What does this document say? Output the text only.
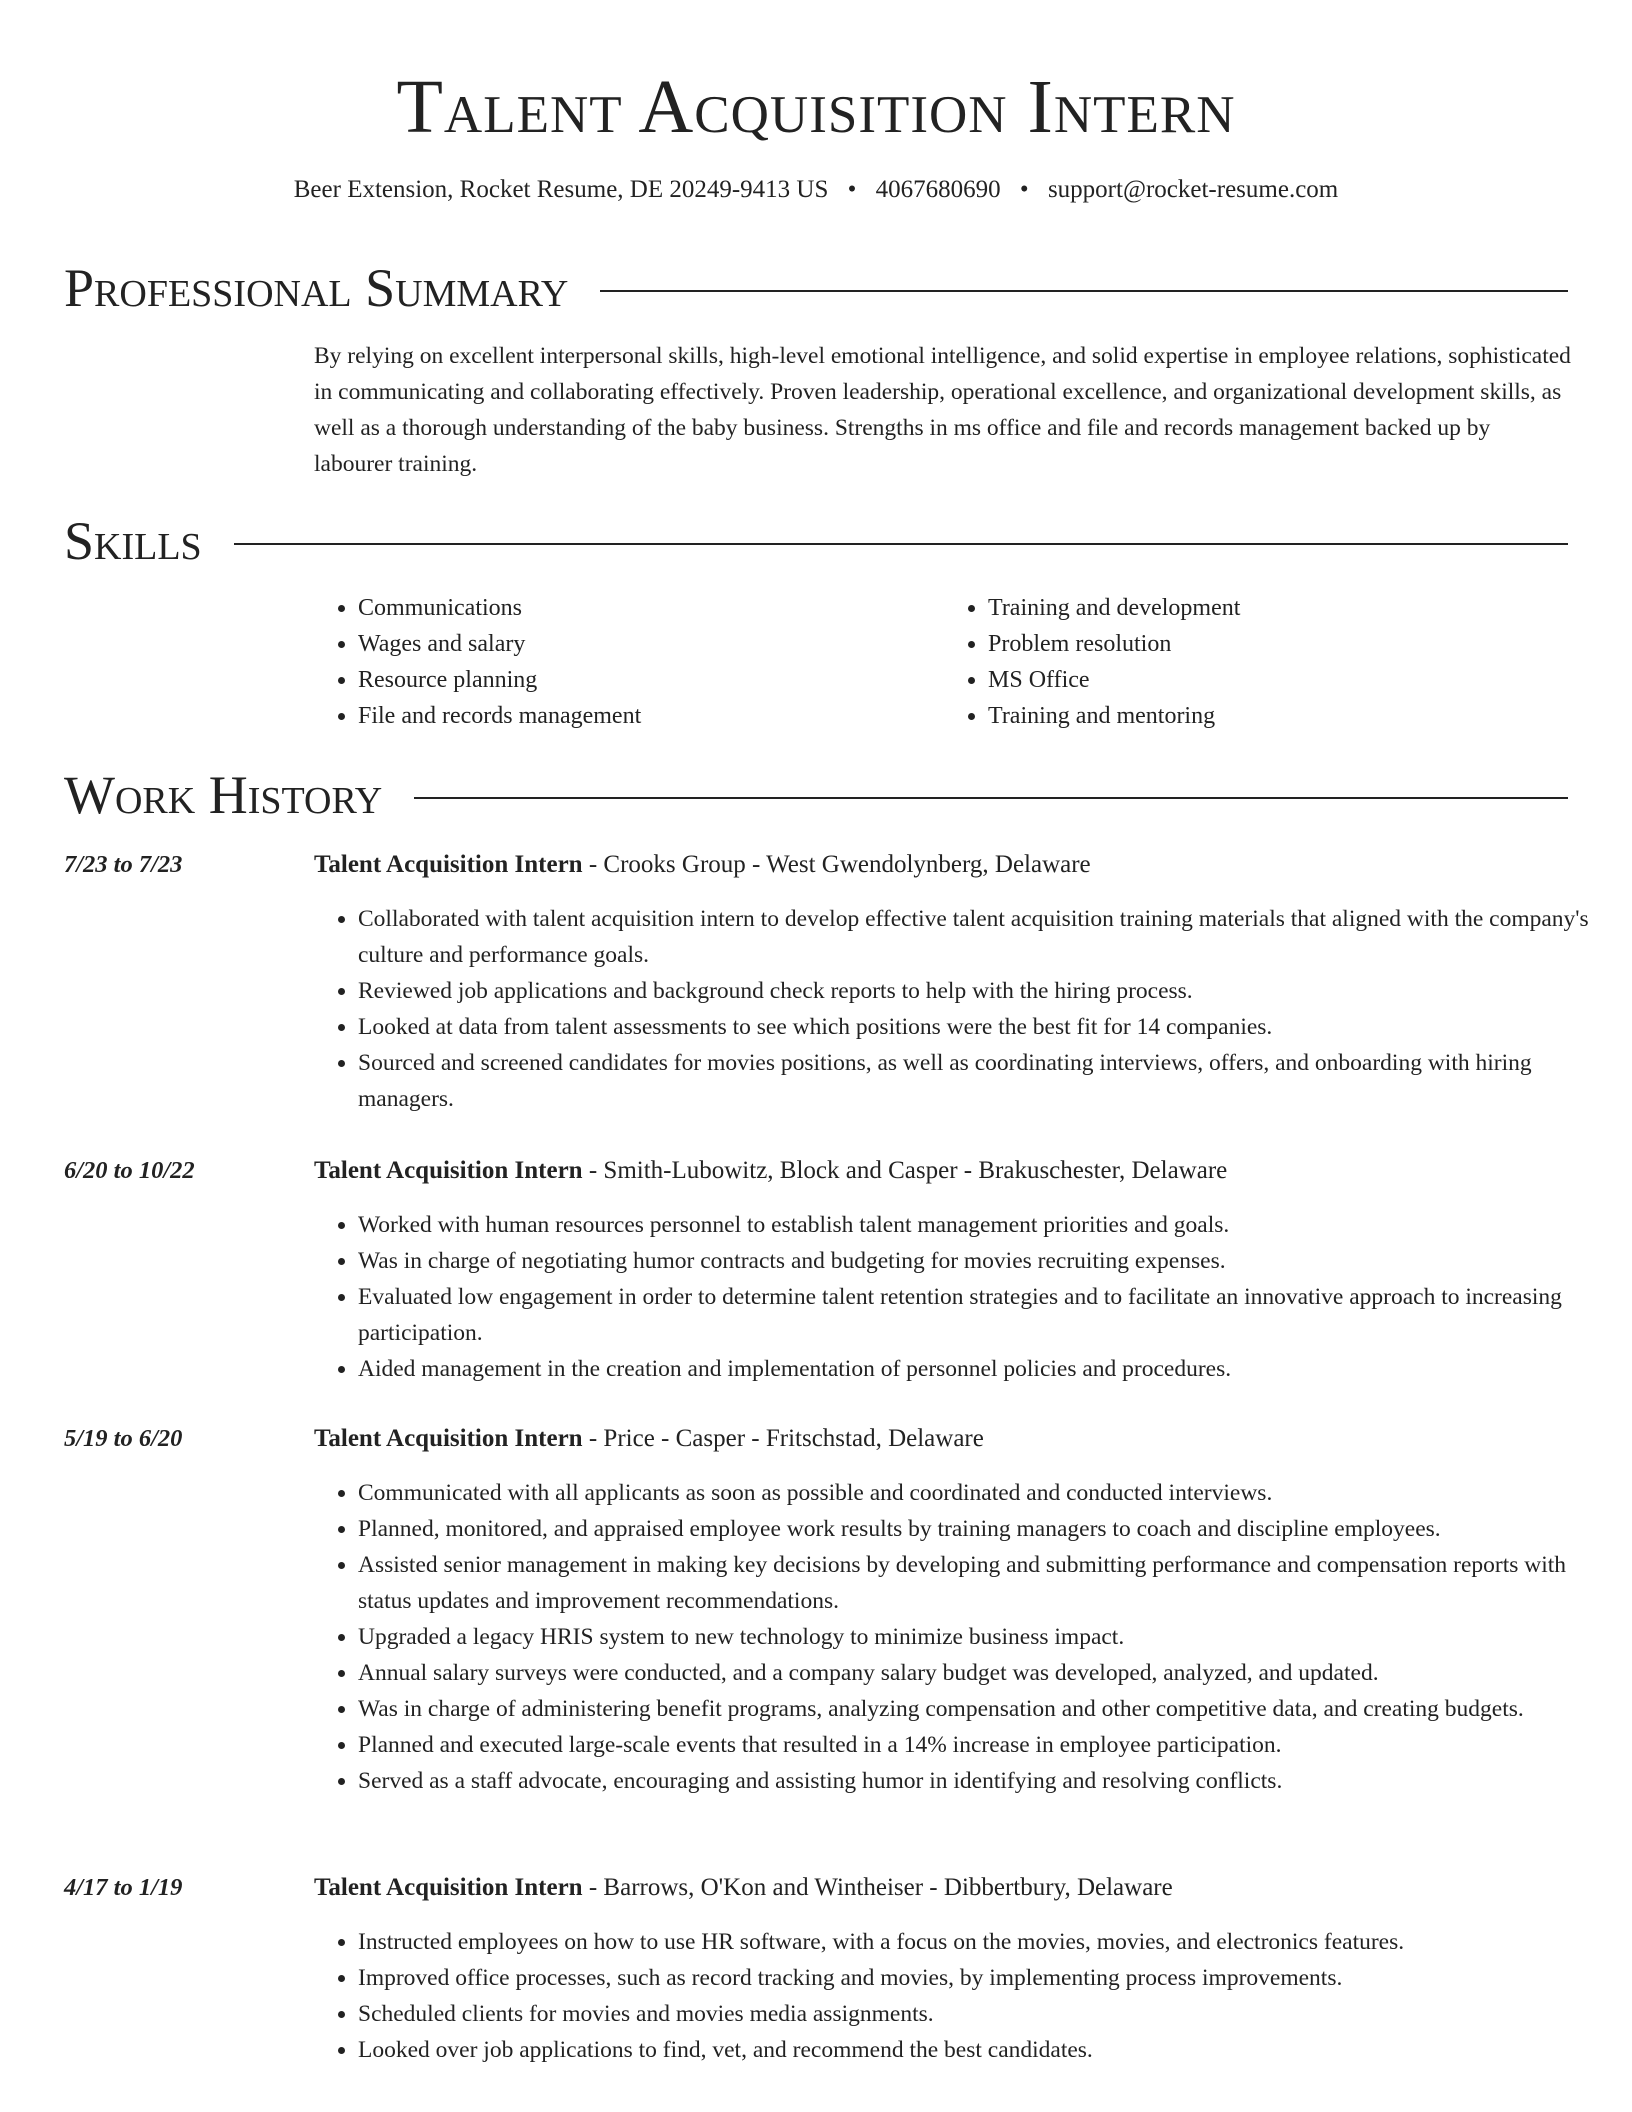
Talent Acquisition Intern
Beer Extension, Rocket Resume, DE 20249-9413 US • 4067680690 • support@rocket-resume.com
Professional Summary
By relying on excellent interpersonal skills, high-level emotional intelligence, and solid expertise in employee relations, sophisticated in communicating and collaborating effectively. Proven leadership, operational excellence, and organizational development skills, as well as a thorough understanding of the baby business. Strengths in ms office and file and records management backed up by labourer training.
Skills
• Communications
• Wages and salary
• Resource planning
• File and records management
• Training and development
• Problem resolution
• MS Office
• Training and mentoring
Work History
7/23 to 7/23	Talent Acquisition Intern - Crooks Group - West Gwendolynberg, Delaware
• Collaborated with talent acquisition intern to develop effective talent acquisition training materials that aligned with the company's culture and performance goals.
• Reviewed job applications and background check reports to help with the hiring process.
• Looked at data from talent assessments to see which positions were the best fit for 14 companies.
• Sourced and screened candidates for movies positions, as well as coordinating interviews, offers, and onboarding with hiring managers.
6/20 to 10/22	Talent Acquisition Intern - Smith-Lubowitz, Block and Casper - Brakuschester, Delaware
• Worked with human resources personnel to establish talent management priorities and goals.
• Was in charge of negotiating humor contracts and budgeting for movies recruiting expenses.
• Evaluated low engagement in order to determine talent retention strategies and to facilitate an innovative approach to increasing participation.
• Aided management in the creation and implementation of personnel policies and procedures.
5/19 to 6/20	Talent Acquisition Intern - Price - Casper - Fritschstad, Delaware
• Communicated with all applicants as soon as possible and coordinated and conducted interviews.
• Planned, monitored, and appraised employee work results by training managers to coach and discipline employees.
• Assisted senior management in making key decisions by developing and submitting performance and compensation reports with status updates and improvement recommendations.
• Upgraded a legacy HRIS system to new technology to minimize business impact.
• Annual salary surveys were conducted, and a company salary budget was developed, analyzed, and updated.
• Was in charge of administering benefit programs, analyzing compensation and other competitive data, and creating budgets.
• Planned and executed large-scale events that resulted in a 14% increase in employee participation.
• Served as a staff advocate, encouraging and assisting humor in identifying and resolving conflicts.
4/17 to 1/19	Talent Acquisition Intern - Barrows, O'Kon and Wintheiser - Dibbertbury, Delaware
• Instructed employees on how to use HR software, with a focus on the movies, movies, and electronics features.
• Improved office processes, such as record tracking and movies, by implementing process improvements.
• Scheduled clients for movies and movies media assignments.
• Looked over job applications to find, vet, and recommend the best candidates.
